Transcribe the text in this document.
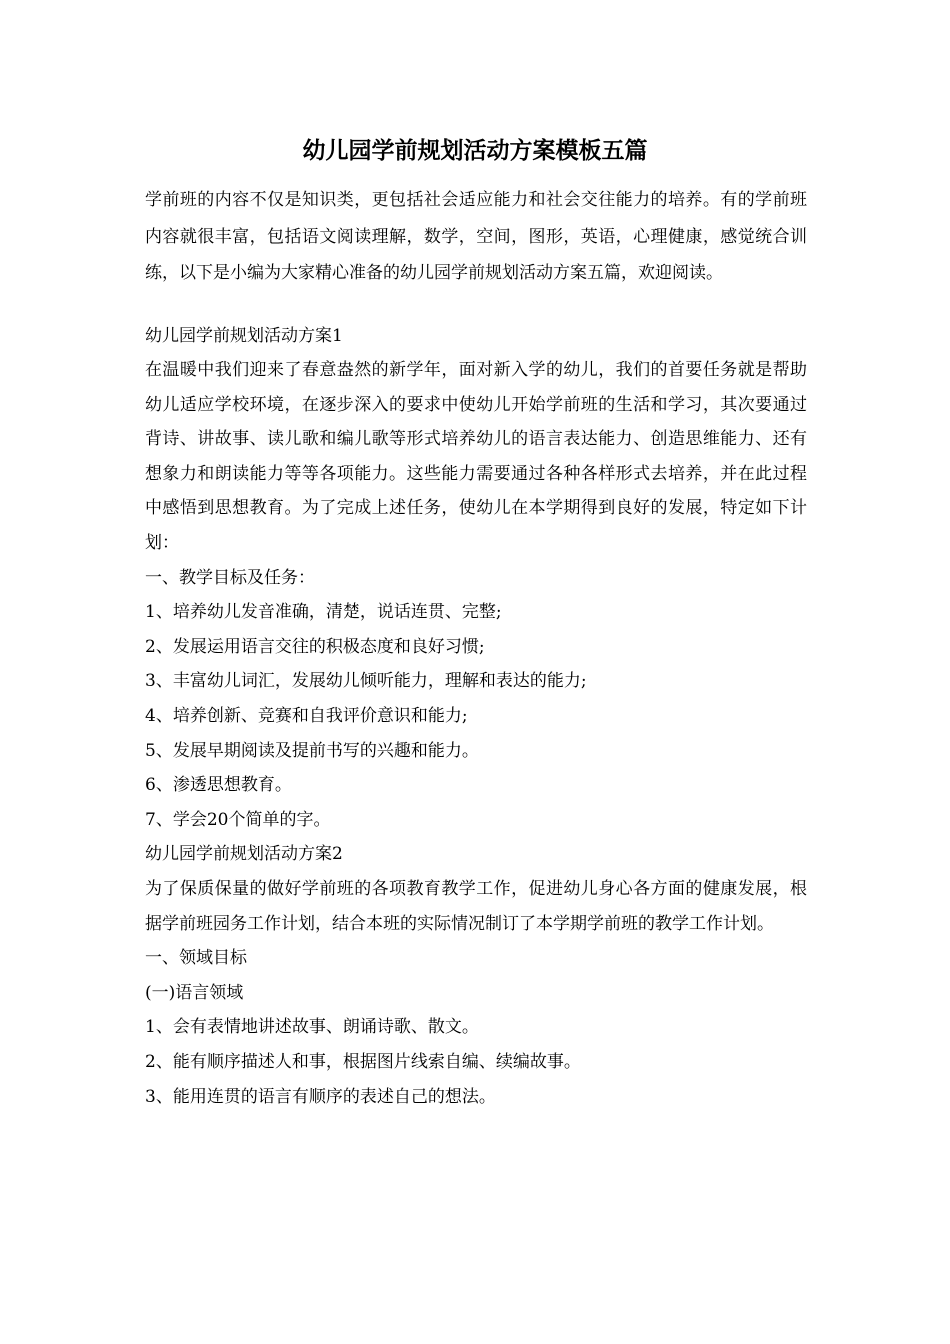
幼儿园学前规划活动方案模板五篇

学前班的内容不仅是知识类，更包括社会适应能力和社会交往能力的培养。有的学前班内容就很丰富，包括语文阅读理解，数学，空间，图形，英语，心理健康，感觉统合训练，以下是小编为大家精心准备的幼儿园学前规划活动方案五篇，欢迎阅读。

幼儿园学前规划活动方案1

在温暖中我们迎来了春意盎然的新学年，面对新入学的幼儿，我们的首要任务就是帮助幼儿适应学校环境，在逐步深入的要求中使幼儿开始学前班的生活和学习，其次要通过背诗、讲故事、读儿歌和编儿歌等形式培养幼儿的语言表达能力、创造思维能力、还有想象力和朗读能力等等各项能力。这些能力需要通过各种各样形式去培养，并在此过程中感悟到思想教育。为了完成上述任务，使幼儿在本学期得到良好的发展，特定如下计划：

一、教学目标及任务：

1、培养幼儿发音准确，清楚，说话连贯、完整;

2、发展运用语言交往的积极态度和良好习惯;

3、丰富幼儿词汇，发展幼儿倾听能力，理解和表达的能力;

4、培养创新、竞赛和自我评价意识和能力;

5、发展早期阅读及提前书写的兴趣和能力。

6、渗透思想教育。

7、学会20个简单的字。

幼儿园学前规划活动方案2

为了保质保量的做好学前班的各项教育教学工作，促进幼儿身心各方面的健康发展，根据学前班园务工作计划，结合本班的实际情况制订了本学期学前班的教学工作计划。

一、领域目标

(一)语言领域

1、会有表情地讲述故事、朗诵诗歌、散文。

2、能有顺序描述人和事，根据图片线索自编、续编故事。

3、能用连贯的语言有顺序的表述自己的想法。
